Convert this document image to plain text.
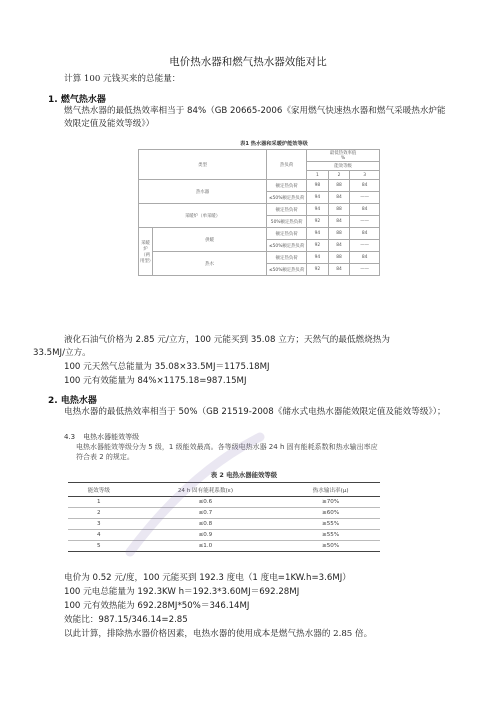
电价热水器和燃气热水器效能对比
计算 100 元钱买来的总能量：
1. 燃气热水器
燃气热水器的最低热效率相当于 84%（GB 20665-2006《家用燃气快速热水器和燃气采暖热水炉能效限定值及能效等级》）
表1 热水器和采暖炉能效等级
类型		热负荷	最低热效率值
%		
			能效等级		
			1	2	3
热水器		额定热负荷	98	88	84
		≤50%额定热负荷	94	84	——
采暖炉（单采暖）		额定热负荷	94	88	84
		50%额定热负荷	92	84	——
采暖炉（两用型）	供暖	额定热负荷	94	88	84
		≤50%额定热负荷	92	84	——
	热水	额定热负荷	94	88	84
		≤50%额定热负荷	92	84	——
液化石油气价格为 2.85 元/立方，100 元能买到 35.08 立方；天然气的最低燃烧热为
33.5MJ/立方。
100 元天然气总能量为 35.08×33.5MJ＝1175.18MJ
100 元有效能量为 84%×1175.18=987.15MJ
2. 电热水器
电热水器的最低热效率相当于 50%（GB 21519-2008《储水式电热水器能效限定值及能效等级》）；
4.3 电热水器能效等级

电热水器能效等级分为 5 级，1 级能效最高。各等级电热水器 24 h 固有能耗系数和热水输出率应符合表 2 的规定。

表 2 电热水器能效等级
能效等级	24 h 固有能耗系数(ε)	热水输出率(μ)
1	≤0.6	≥70%
2	≤0.7	≥60%
3	≤0.8	≥55%
4	≤0.9	≥55%
5	≤1.0	≥50%
电价为 0.52 元/度，100 元能买到 192.3 度电（1 度电=1KW.h=3.6MJ）
100 元电总能量为 192.3KW h＝192.3*3.60MJ＝692.28MJ
100 元有效热能为 692.28MJ*50%＝346.14MJ
效能比：987.15/346.14=2.85
以此计算，排除热水器价格因素，电热水器的使用成本是燃气热水器的 2.85 倍。
